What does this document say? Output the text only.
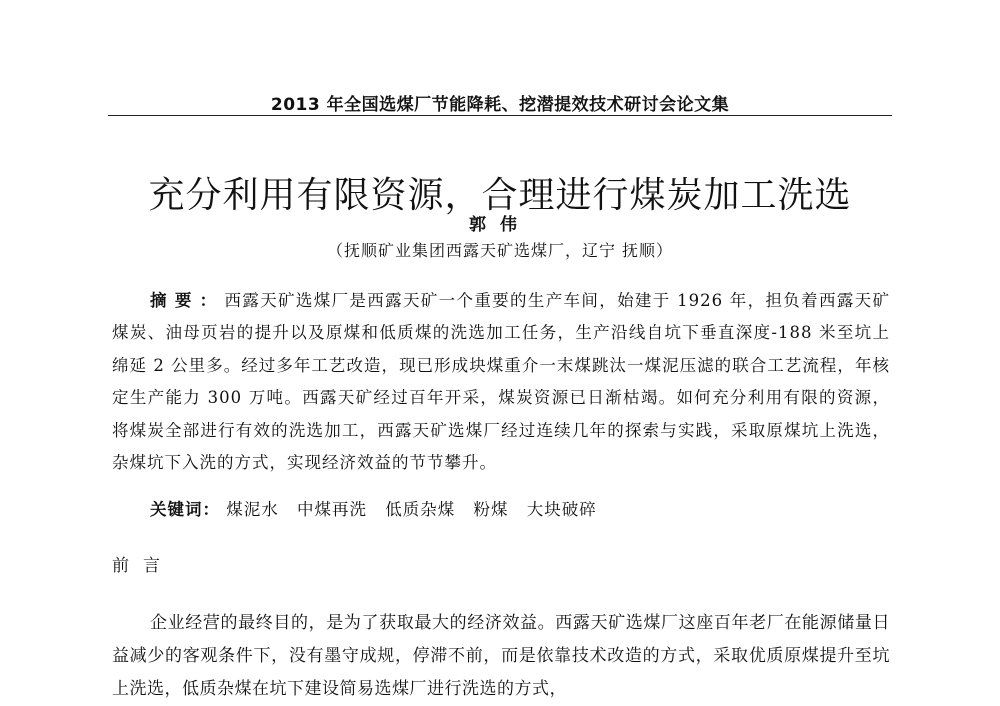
2013 年全国选煤厂节能降耗、挖潜提效技术研讨会论文集
充分利用有限资源，合理进行煤炭加工洗选
郭伟
（抚顺矿业集团西露天矿选煤厂，辽宁 抚顺）

摘要：西露天矿选煤厂是西露天矿一个重要的生产车间，始建于 1926 年，担负着西露天矿煤炭、油母页岩的提升以及原煤和低质煤的洗选加工任务，生产沿线自坑下垂直深度-188 米至坑上绵延 2 公里多。经过多年工艺改造，现已形成块煤重介一末煤跳汰一煤泥压滤的联合工艺流程，年核定生产能力 300 万吨。西露天矿经过百年开采，煤炭资源已日渐枯竭。如何充分利用有限的资源，将煤炭全部进行有效的洗选加工，西露天矿选煤厂经过连续几年的探索与实践，采取原煤坑上洗选，杂煤坑下入洗的方式，实现经济效益的节节攀升。

关键词： 煤泥水 中煤再洗 低质杂煤 粉煤 大块破碎
前言

企业经营的最终目的，是为了获取最大的经济效益。西露天矿选煤厂这座百年老厂在能源储量日益减少的客观条件下，没有墨守成规，停滞不前，而是依靠技术改造的方式，采取优质原煤提升至坑上洗选，低质杂煤在坑下建设简易选煤厂进行洗选的方式，
